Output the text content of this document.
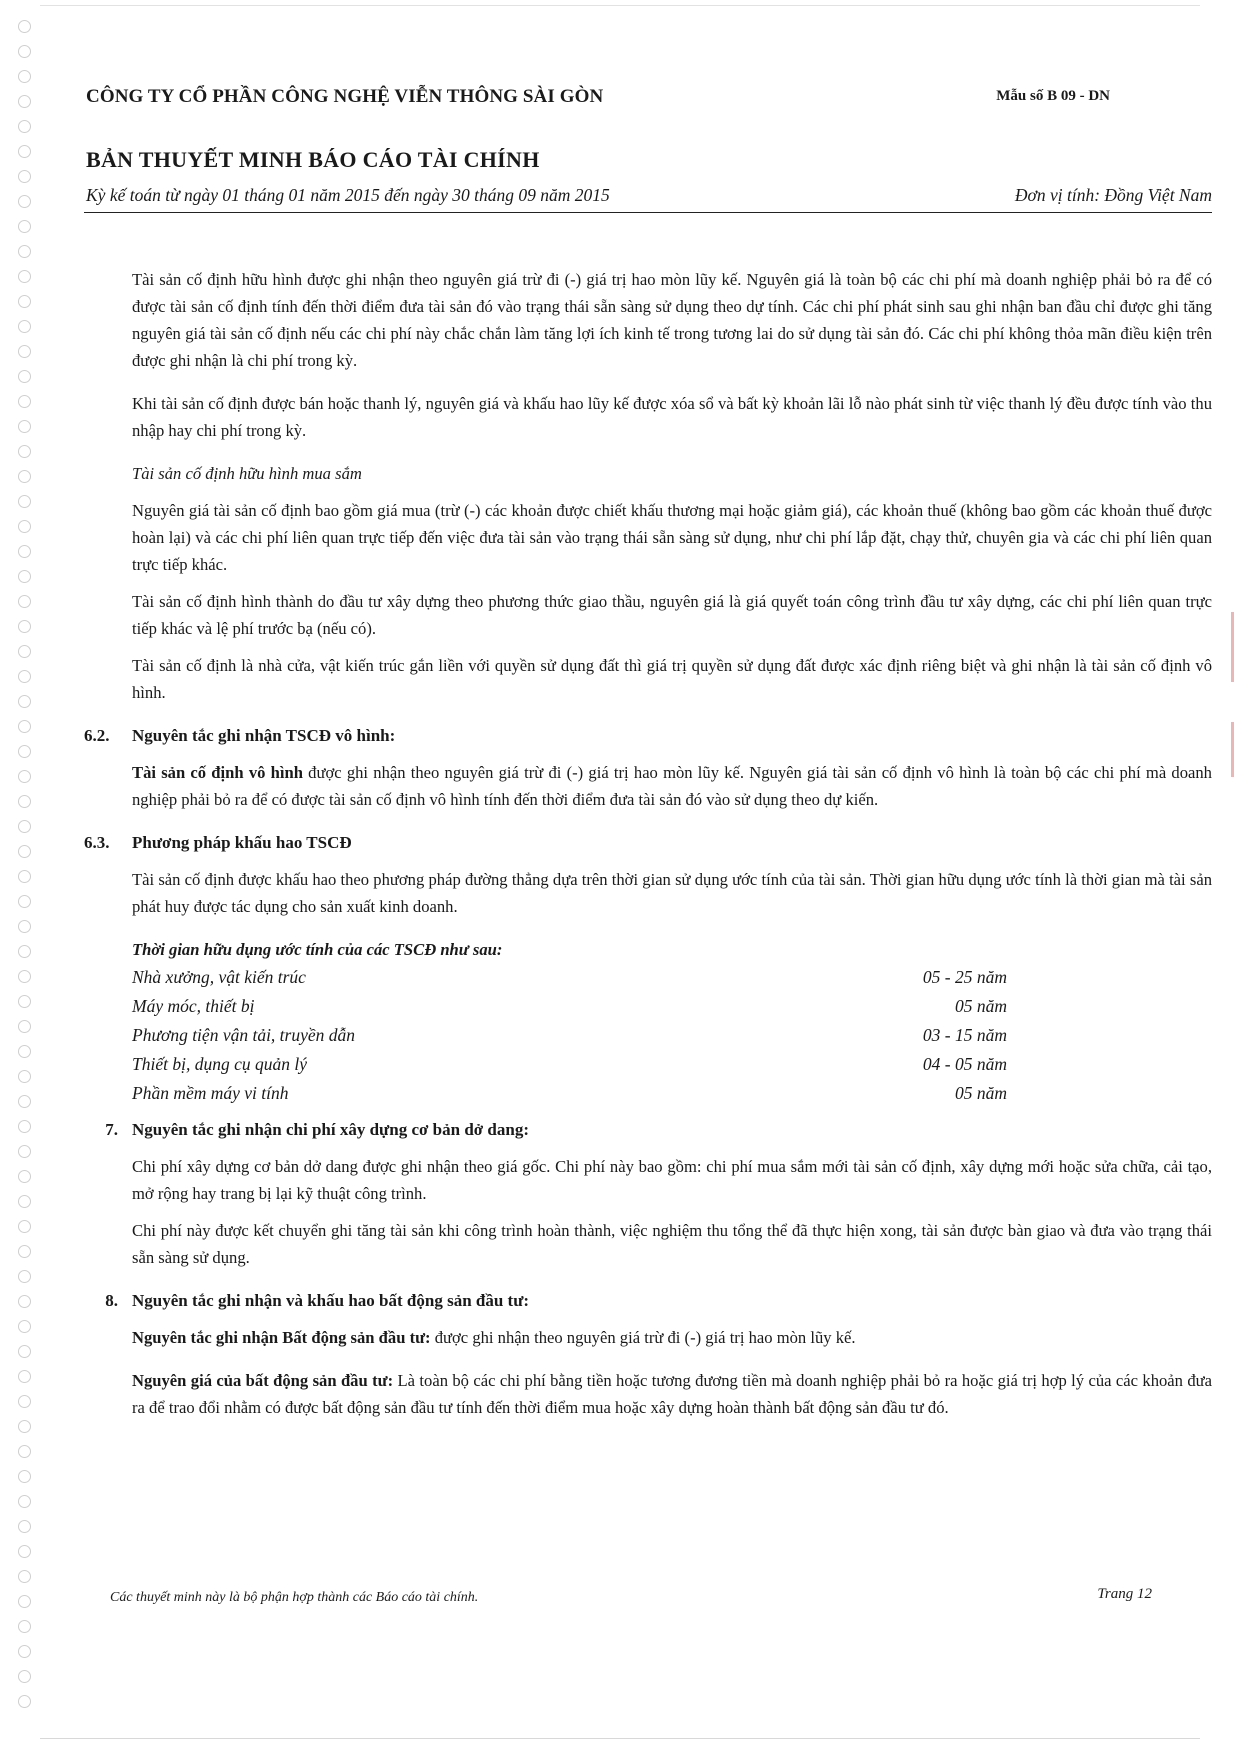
CÔNG TY CỔ PHẦN CÔNG NGHỆ VIỄN THÔNG SÀI GÒN	Mẫu số B 09 - DN
BẢN THUYẾT MINH BÁO CÁO TÀI CHÍNH
Kỳ kế toán từ ngày 01 tháng 01 năm 2015 đến ngày 30 tháng 09 năm 2015	Đơn vị tính: Đồng Việt Nam

Tài sản cố định hữu hình được ghi nhận theo nguyên giá trừ đi (-) giá trị hao mòn lũy kế. Nguyên giá là toàn bộ các chi phí mà doanh nghiệp phải bỏ ra để có được tài sản cố định tính đến thời điểm đưa tài sản đó vào trạng thái sẵn sàng sử dụng theo dự tính. Các chi phí phát sinh sau ghi nhận ban đầu chỉ được ghi tăng nguyên giá tài sản cố định nếu các chi phí này chắc chắn làm tăng lợi ích kinh tế trong tương lai do sử dụng tài sản đó. Các chi phí không thỏa mãn điều kiện trên được ghi nhận là chi phí trong kỳ.

Khi tài sản cố định được bán hoặc thanh lý, nguyên giá và khấu hao lũy kế được xóa sổ và bất kỳ khoản lãi lỗ nào phát sinh từ việc thanh lý đều được tính vào thu nhập hay chi phí trong kỳ.

Tài sản cố định hữu hình mua sắm

Nguyên giá tài sản cố định bao gồm giá mua (trừ (-) các khoản được chiết khấu thương mại hoặc giảm giá), các khoản thuế (không bao gồm các khoản thuế được hoàn lại) và các chi phí liên quan trực tiếp đến việc đưa tài sản vào trạng thái sẵn sàng sử dụng, như chi phí lắp đặt, chạy thử, chuyên gia và các chi phí liên quan trực tiếp khác.

Tài sản cố định hình thành do đầu tư xây dựng theo phương thức giao thầu, nguyên giá là giá quyết toán công trình đầu tư xây dựng, các chi phí liên quan trực tiếp khác và lệ phí trước bạ (nếu có).

Tài sản cố định là nhà cửa, vật kiến trúc gắn liền với quyền sử dụng đất thì giá trị quyền sử dụng đất được xác định riêng biệt và ghi nhận là tài sản cố định vô hình.

6.2. Nguyên tắc ghi nhận TSCĐ vô hình:

Tài sản cố định vô hình được ghi nhận theo nguyên giá trừ đi (-) giá trị hao mòn lũy kế. Nguyên giá tài sản cố định vô hình là toàn bộ các chi phí mà doanh nghiệp phải bỏ ra để có được tài sản cố định vô hình tính đến thời điểm đưa tài sản đó vào sử dụng theo dự kiến.

6.3. Phương pháp khấu hao TSCĐ

Tài sản cố định được khấu hao theo phương pháp đường thẳng dựa trên thời gian sử dụng ước tính của tài sản. Thời gian hữu dụng ước tính là thời gian mà tài sản phát huy được tác dụng cho sản xuất kinh doanh.

Thời gian hữu dụng ước tính của các TSCĐ như sau:
Nhà xưởng, vật kiến trúc	05 - 25 năm
Máy móc, thiết bị	05 năm
Phương tiện vận tải, truyền dẫn	03 - 15 năm
Thiết bị, dụng cụ quản lý	04 - 05 năm
Phần mềm máy vi tính	05 năm
7. Nguyên tắc ghi nhận chi phí xây dựng cơ bản dở dang:

Chi phí xây dựng cơ bản dở dang được ghi nhận theo giá gốc. Chi phí này bao gồm: chi phí mua sắm mới tài sản cố định, xây dựng mới hoặc sửa chữa, cải tạo, mở rộng hay trang bị lại kỹ thuật công trình.

Chi phí này được kết chuyển ghi tăng tài sản khi công trình hoàn thành, việc nghiệm thu tổng thể đã thực hiện xong, tài sản được bàn giao và đưa vào trạng thái sẵn sàng sử dụng.

8. Nguyên tắc ghi nhận và khấu hao bất động sản đầu tư:

Nguyên tắc ghi nhận Bất động sản đầu tư: được ghi nhận theo nguyên giá trừ đi (-) giá trị hao mòn lũy kế.

Nguyên giá của bất động sản đầu tư: Là toàn bộ các chi phí bằng tiền hoặc tương đương tiền mà doanh nghiệp phải bỏ ra hoặc giá trị hợp lý của các khoản đưa ra để trao đổi nhằm có được bất động sản đầu tư tính đến thời điểm mua hoặc xây dựng hoàn thành bất động sản đầu tư đó.

Các thuyết minh này là bộ phận hợp thành các Báo cáo tài chính.	Trang 12
